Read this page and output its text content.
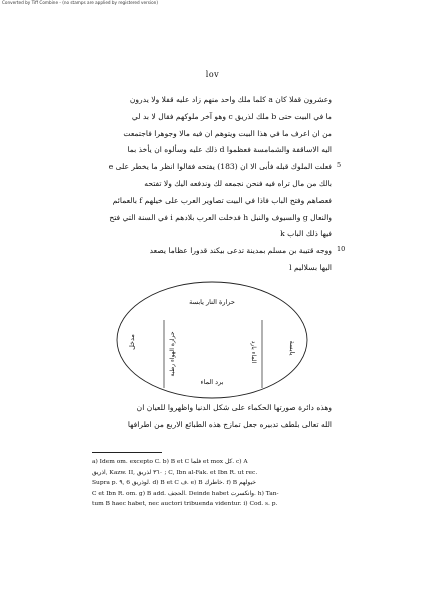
Converted by Tiff Combine - (no stamps are applied by registered version)
lov
وعشرون قفلا كان a كلما ملك واحد منهم زاد عليه قفلا ولا يدرون
ما في البيت حتى b ملك لذريق c وهو آخر ملوكهم فقال لا بد لي
من ان اعرف ما في هذا البيت ويتوهم ان فيه مالا وجوهرا فاجتمعت
اليه الاساقفة والشمامسة فعظموا d ذلك عليه وسألوه ان يأخذ بما
فعلت الملوك قبله فأبى الا ان (183) يفتحه فقالوا انظر ما يخطر على e
بالك من مال تراه فيه فنحن نجمعه لك وندفعه اليك ولا تفتحه
فعصاهم وفتح الباب فاذا في البيت تصاوير العرب على خيلهم f بالعمائم
والنعال g والسيوف والنبل h فدخلت العرب بلادهم i في السنة التي فتح
فيها ذلك الباب k
ووجه قتيبة بن مسلم بمدينة تدعى بيكند قدورا عظاما يصعد
اليها بسلاليم l
5
10
حرارة النار يابسة
مدخل	حرارة الهواء رطبة	يابسة
الماء بارد
برد الماء
وهذه دائرة صورتها الحكماء على شكل الدنيا واظهروا للعيان ان
الله تعالى بلطف تدبيره جعل تمازج هذه الطبائع الاربع من اطرافها
a) Idem om. excepto C. b) B et C فلما et mox كل. c) A
اذريق, Kazw. II, ٣٦٠ لذريق ; C, Ibn al-Fak. et Ibn R. ut rec.
Supra p. ٩, 6 لوذريق. d) B et C ف. e) B خاطرك. f) B خيولهم
C et Ibn R. om. g) B add. الحجف. Deinde habet وانكسرت. h) Tan-
tum B haec habet, nec auctori tribuenda videntur. i) Cod. s. p.
